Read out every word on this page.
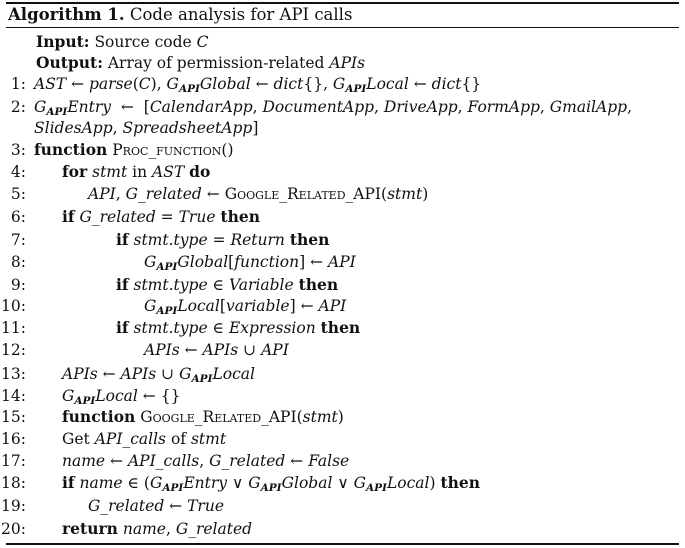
Algorithm 1. Code analysis for API calls
Input: Source code C
Output: Array of permission-related APIs
1: AST ← parse(C), $G_{API}Global$ ← dict{}, $G_{API}Local$ ← dict{}
2: $G_{API}Entry$  ←  [CalendarApp, DocumentApp, DriveApp, FormApp, GmailApp,
SlidesApp, SpreadsheetApp]
3: function Proc_function()
4: for stmt in AST do
5:	API, G_related ← Google_Related_API(stmt)
6: if G_related = True then
7:	if stmt.type = Return then
8:	$G_{API}Global[function]$ ← API
9:	if stmt.type ∈ Variable then
10:	$G_{API}Local[variable]$ ← API
11:	if stmt.type ∈ Expression then
12:	APIs ← APIs ∪ API
13: APIs ← APIs ∪ $G_{API}Local$
14: $G_{API}Local$ ← {}
15: function Google_Related_API(stmt)
16: Get API_calls of stmt
17: name ← API_calls, G_related ← False
18: if name ∈ ($G_{API}Entry$ ∨ $G_{API}Global$ ∨ $G_{API}Local$) then
19:	G_related ← True
20: return name, G_related
